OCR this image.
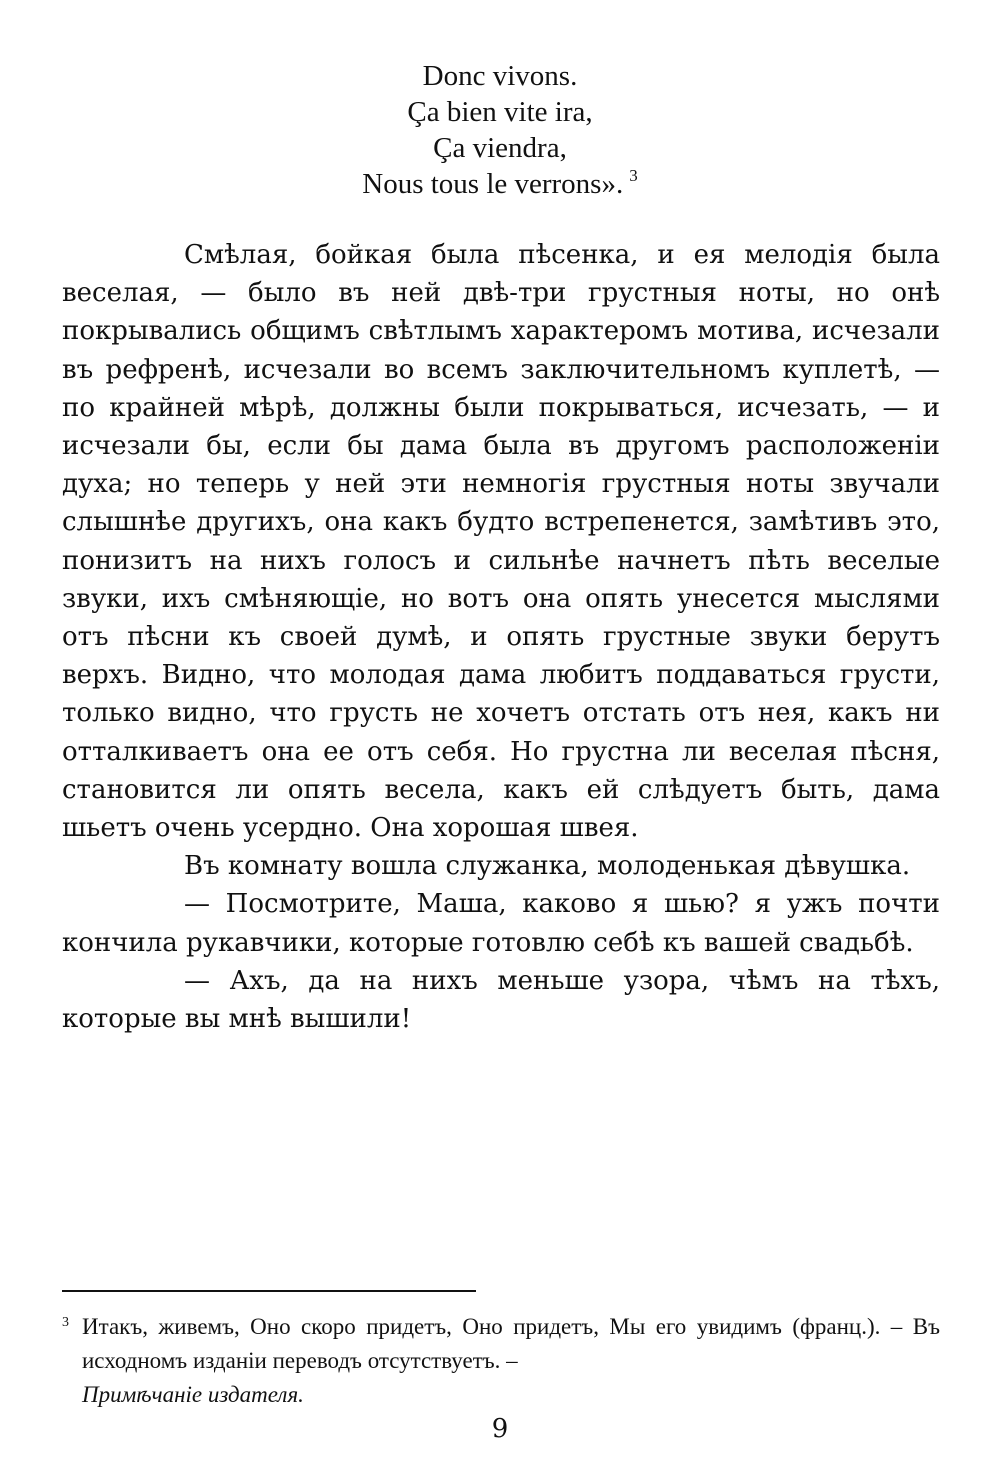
Donc vivons.
Ça bien vite ira,
Ça viendra,
Nous tous le verrons». $^3$

Смѣлая, бойкая была пѣсенка, и ея мелодія была веселая, — было въ ней двѣ-три грустныя ноты, но онѣ покрывались общимъ свѣтлымъ характеромъ мотива, исчезали въ рефренѣ, исчезали во всемъ заключительномъ куплетѣ, — по крайней мѣрѣ, должны были покрываться, исчезать, — и исчезали бы, если бы дама была въ другомъ расположеніи духа; но теперь у ней эти немногія грустныя ноты звучали слышнѣе другихъ, она какъ будто встрепенется, замѣтивъ это, понизитъ на нихъ голосъ и сильнѣе начнетъ пѣть веселые звуки, ихъ смѣняющіе, но вотъ она опять унесется мыслями отъ пѣсни къ своей думѣ, и опять грустные звуки берутъ верхъ. Видно, что молодая дама любитъ поддаваться грусти, только видно, что грусть не хочетъ отстать отъ нея, какъ ни отталкиваетъ она ее отъ себя. Но грустна ли веселая пѣсня, становится ли опять весела, какъ ей слѣдуетъ быть, дама шьетъ очень усердно. Она хорошая швея.

Въ комнату вошла служанка, молоденькая дѣвушка.

— Посмотрите, Маша, каково я шью? я ужъ почти кончила рукавчики, которые готовлю себѣ къ вашей свадьбѣ.

— Ахъ, да на нихъ меньше узора, чѣмъ на тѣхъ, которые вы мнѣ вышили!

3 Итакъ, живемъ, Оно скоро придетъ, Оно придетъ, Мы его увидимъ (франц.). – Въ исходномъ изданіи переводъ отсутствуетъ. –
Примѣчаніе издателя.
9
